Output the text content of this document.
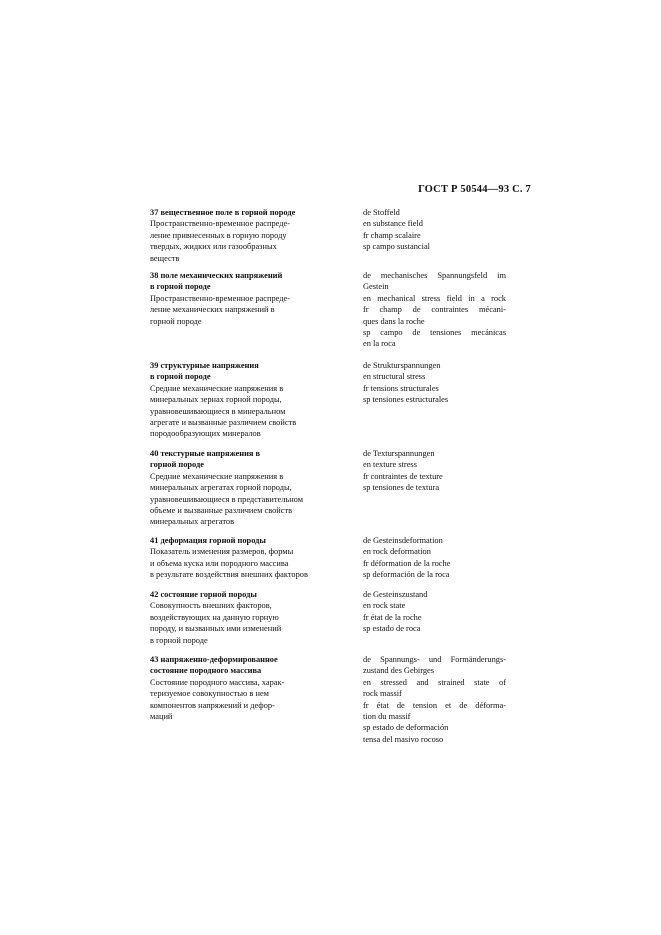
ГОСТ Р 50544—93 С. 7
37 вещественное поле в горной породе
Пространственно-временное распреде-
ление привнесенных в горную породу
твердых, жидких или газообразных
веществ
de Stoffeld
en substance field
fr champ scalaire
sp campo sustancial
38 поле механических напряжений
в горной породе
Пространственно-временное распреде-
ление механических напряжений в
горной породе
de mechanisches Spannungsfeld im
Gestein
en mechanical stress field in a rock
fr champ de contraintes mécani-
ques dans la roche
sp campo de tensiones mecánicas
en la roca
39 структурные напряжения
в горной породе
Средние механические напряжения в
минеральных зернах горной породы,
уравновешивающиеся в минеральном
агрегате и вызванные различием свойств
породообразующих минералов
de Strukturspannungen
en structural stress
fr tensions structurales
sp tensiones estructurales
40 текстурные напряжения в
горной породе
Средние механические напряжения в
минеральных агрегатах горной породы,
уравновешивающиеся в представительном
объеме и вызванные различием свойств
минеральных агрегатов
de Texturspannungen
en texture stress
fr contraintes de texture
sp tensiones de textura
41 деформация горной породы
Показатель изменения размеров, формы
и объема куска или породного массива
в результате воздействия внешних факторов
de Gesteinsdeformation
en rock deformation
fr déformation de la roche
sp deformación de la roca
42 состояние горной породы
Совокупность внешних факторов,
воздействующих на данную горную
породу, и вызванных ими изменений
в горной породе
de Gesteinszustand
en rock state
fr état de la roche
sp estado de roca
43 напряженно-деформированное
состояние породного массива
Состояние породного массива, харак-
теризуемое совокупностью в нем
компонентов напряжений и дефор-
маций
de Spannungs- und Formänderungs-
zustand des Gebirges
en stressed and strained state of
rock massif
fr état de tension et de déforma-
tion du massif
sp estado de deformación
tensa del masivo rocoso
